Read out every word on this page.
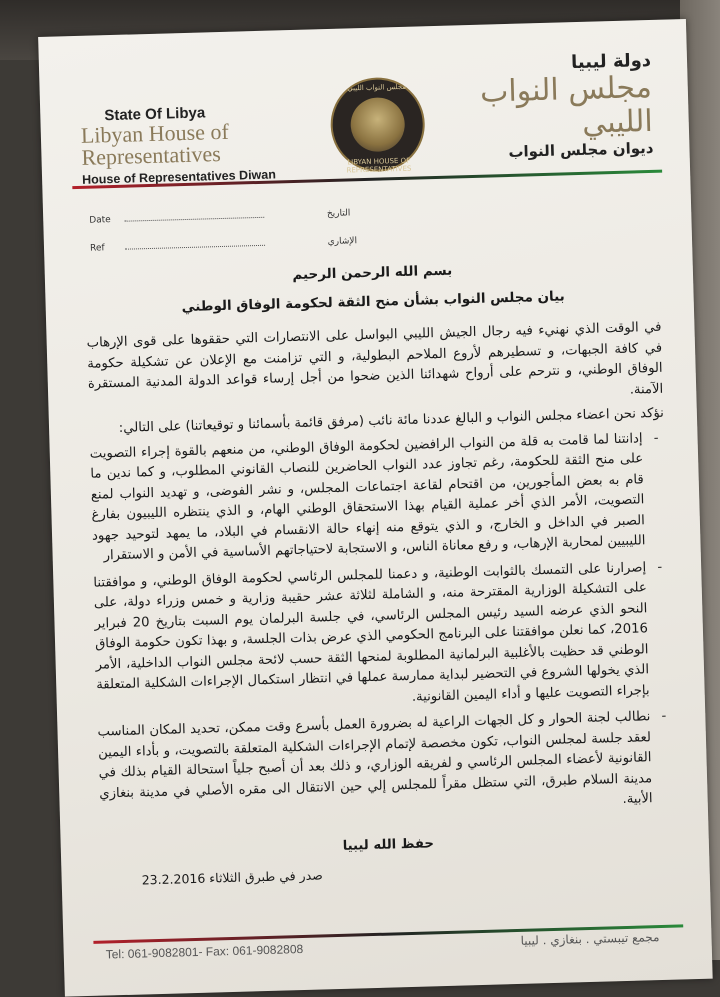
State Of Libya
Libyan House of
Representatives
House of Representatives Diwan
مجلس النواب الليبي
LIBYAN HOUSE OF REPRESENTATIVES
دولة ليبيا
مجلس النواب الليبي
ديوان مجلس النواب
Date  التاريخ
Ref  الإشاري
بسم الله الرحمن الرحيم
بيان مجلس النواب بشأن منح الثقة لحكومة الوفاق الوطني

في الوقت الذي نهنيء فيه رجال الجيش الليبي البواسل على الانتصارات التي حققوها على قوى الإرهاب في كافة الجبهات، و تسطيرهم لأروع الملاحم البطولية، و التي تزامنت مع الإعلان عن تشكيلة حكومة الوفاق الوطني، و نترحم على أرواح شهدائنا الذين ضحوا من أجل إرساء قواعد الدولة المدنية المستقرة الآمنة.

نؤكد نحن اعضاء مجلس النواب و البالغ عددنا مائة نائب (مرفق قائمة بأسمائنا و توقيعاتنا) على التالي:

- إدانتنا لما قامت به قلة من النواب الرافضين لحكومة الوفاق الوطني، من منعهم بالقوة إجراء التصويت على منح الثقة للحكومة، رغم تجاوز عدد النواب الحاضرين للنصاب القانوني المطلوب، و كما ندين ما قام به بعض المأجورين، من اقتحام لقاعة اجتماعات المجلس، و نشر الفوضى، و تهديد النواب لمنع التصويت، الأمر الذي أخر عملية القيام بهذا الاستحقاق الوطني الهام، و الذي ينتظره الليبيون بفارغ الصبر في الداخل و الخارج، و الذي يتوقع منه إنهاء حالة الانقسام في البلاد، ما يمهد لتوحيد جهود الليبيين لمحاربة الإرهاب، و رفع معاناة الناس، و الاستجابة لاحتياجاتهم الأساسية في الأمن و الاستقرار
- إصرارنا على التمسك بالثوابت الوطنية، و دعمنا للمجلس الرئاسي لحكومة الوفاق الوطني، و موافقتنا على التشكيلة الوزارية المقترحة منه، و الشاملة لثلاثة عشر حقيبة وزارية و خمس وزراء دولة، على النحو الذي عرضه السيد رئيس المجلس الرئاسي، في جلسة البرلمان يوم السبت بتاريخ 20 فبراير 2016، كما نعلن موافقتنا على البرنامج الحكومي الذي عرض بذات الجلسة، و بهذا تكون حكومة الوفاق الوطني قد حظيت بالأغلبية البرلمانية المطلوبة لمنحها الثقة حسب لائحة مجلس النواب الداخلية، الأمر الذي يخولها الشروع في التحضير لبداية ممارسة عملها في انتظار استكمال الإجراءات الشكلية المتعلقة بإجراء التصويت عليها و أداء اليمين القانونية.
- نطالب لجنة الحوار و كل الجهات الراعية له بضرورة العمل بأسرع وقت ممكن، تحديد المكان المناسب لعقد جلسة لمجلس النواب، تكون مخصصة لإتمام الإجراءات الشكلية المتعلقة بالتصويت، و بأداء اليمين القانونية لأعضاء المجلس الرئاسي و لفريقه الوزاري، و ذلك بعد أن أصبح جلياً استحالة القيام بذلك في مدينة السلام طبرق، التي ستظل مقراً للمجلس إلي حين الانتقال الى مقره الأصلي في مدينة بنغازي الأبية.
حفظ الله ليبيا
صدر في طبرق الثلاثاء 23.2.2016
Tel: 061-9082801- Fax: 061-9082808
مجمع تيبستي . بنغازي . ليبيا
